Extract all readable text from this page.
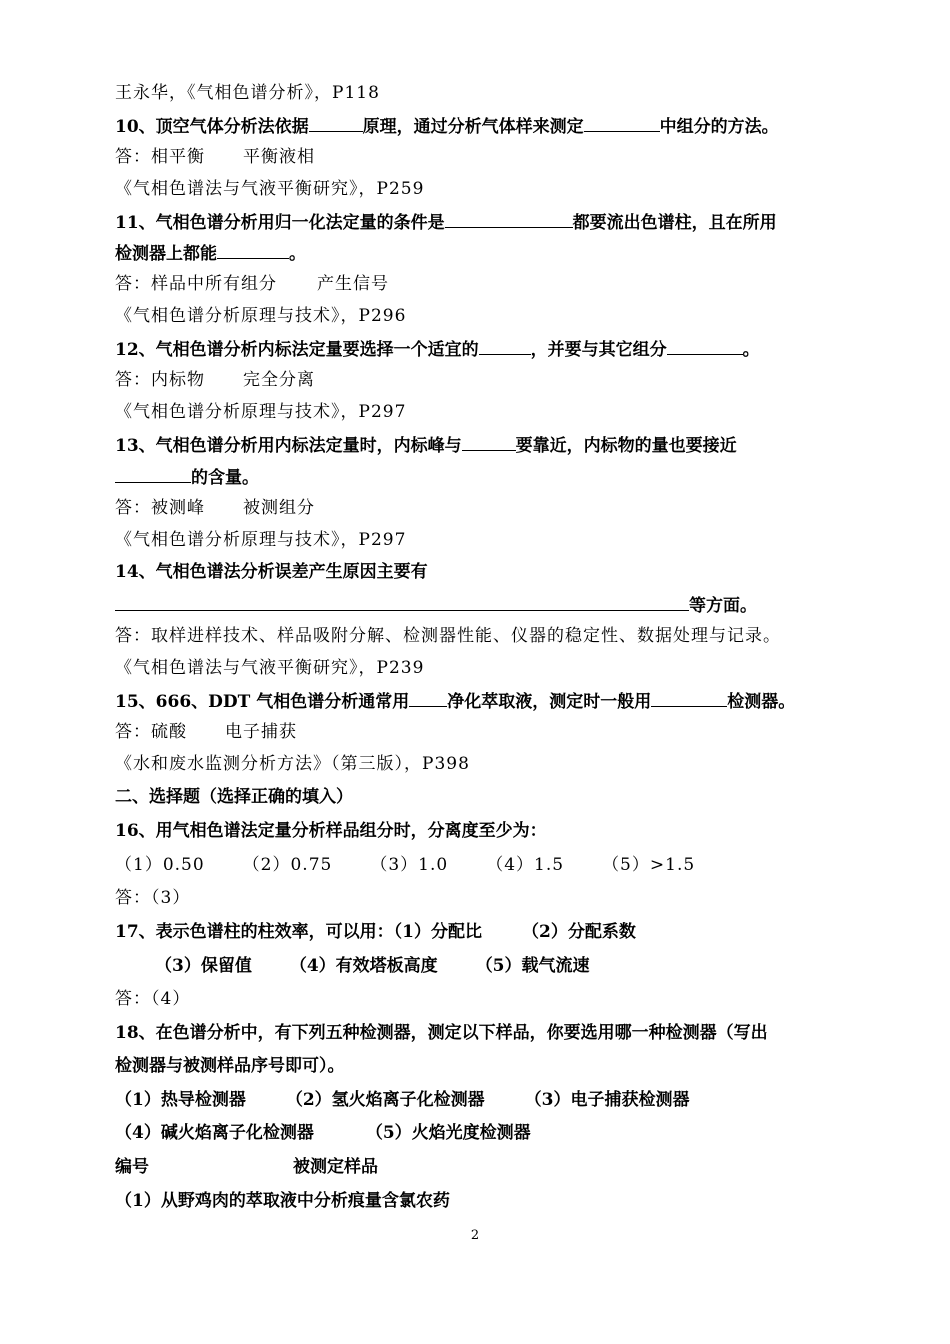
王永华，《气相色谱分析》，P118
10、顶空气体分析法依据	原理，通过分析气体样来测定	中组分的方法。
答：相平衡 平衡液相
《气相色谱法与气液平衡研究》，P259
11、气相色谱分析用归一化法定量的条件是	都要流出色谱柱，且在所用
检测器上都能	。
答：样品中所有组分 产生信号
《气相色谱分析原理与技术》，P296
12、气相色谱分析内标法定量要选择一个适宜的	，并要与其它组分	。
答：内标物 完全分离
《气相色谱分析原理与技术》，P297
13、气相色谱分析用内标法定量时，内标峰与	要靠近，内标物的量也要接近
的含量。
答：被测峰 被测组分
《气相色谱分析原理与技术》，P297
14、气相色谱法分析误差产生原因主要有
等方面。
答：取样进样技术、样品吸附分解、检测器性能、仪器的稳定性、数据处理与记录。
《气相色谱法与气液平衡研究》，P239
15、666、DDT 气相色谱分析通常用 净化萃取液，测定时一般用	检测器。
答：硫酸 电子捕获
《水和废水监测分析方法》（第三版），P398
二、选择题（选择正确的填入）
16、用气相色谱法定量分析样品组分时，分离度至少为：
（1）0.50 （2）0.75 （3）1.0 （4）1.5 （5）>1.5
答：（3）
17、表示色谱柱的柱效率，可以用：（1）分配比 （2）分配系数
（3）保留值 （4）有效塔板高度 （5）载气流速
答：（4）
18、在色谱分析中，有下列五种检测器，测定以下样品，你要选用哪一种检测器（写出
检测器与被测样品序号即可）。
（1）热导检测器 （2）氢火焰离子化检测器 （3）电子捕获检测器
（4）碱火焰离子化检测器	（5）火焰光度检测器
编号	被测定样品
（1）从野鸡肉的萃取液中分析痕量含氯农药
2
